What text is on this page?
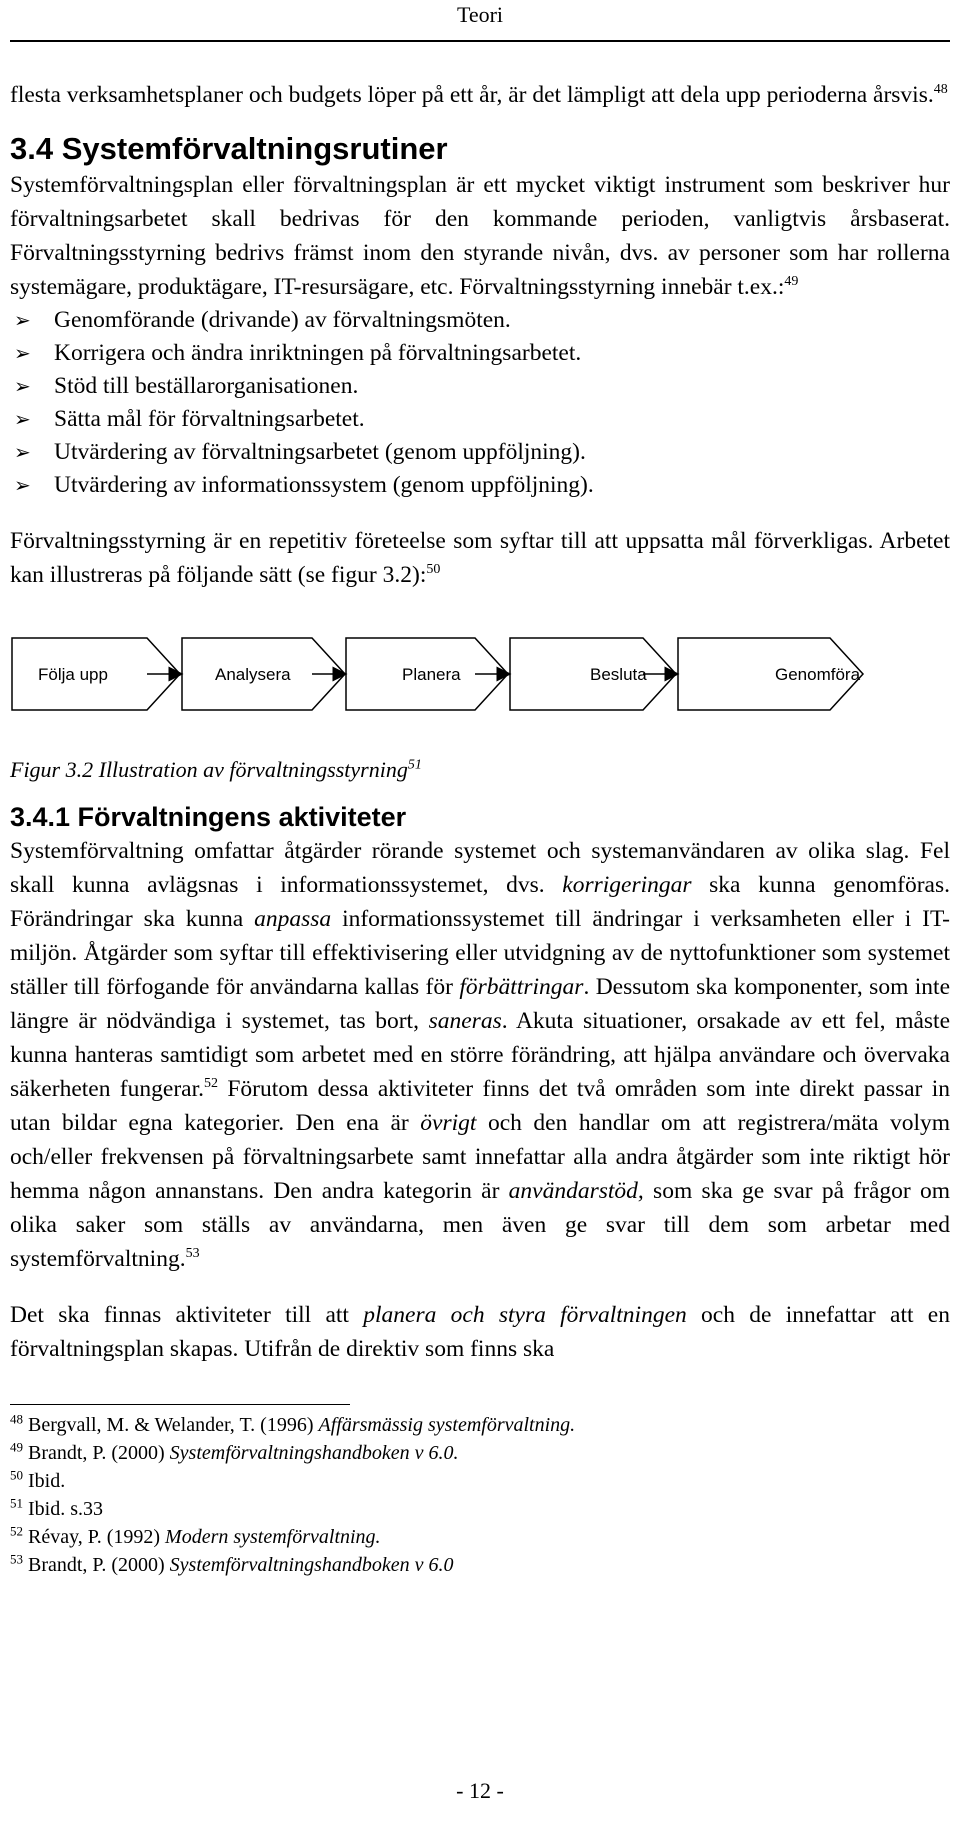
Teori

flesta verksamhetsplaner och budgets löper på ett år, är det lämpligt att dela upp perioderna årsvis.$^{48}$

3.4 Systemförvaltningsrutiner

Systemförvaltningsplan eller förvaltningsplan är ett mycket viktigt instrument som beskriver hur förvaltningsarbetet skall bedrivas för den kommande perioden, vanligtvis årsbaserat. Förvaltningsstyrning bedrivs främst inom den styrande nivån, dvs. av personer som har rollerna systemägare, produktägare, IT-resursägare, etc. Förvaltningsstyrning innebär t.ex.:$^{49}$

➢ Genomförande (drivande) av förvaltningsmöten.
➢ Korrigera och ändra inriktningen på förvaltningsarbetet.
➢ Stöd till beställarorganisationen.
➢ Sätta mål för förvaltningsarbetet.
➢ Utvärdering av förvaltningsarbetet (genom uppföljning).
➢ Utvärdering av informationssystem (genom uppföljning).

Förvaltningsstyrning är en repetitiv företeelse som syftar till att uppsatta mål förverkligas. Arbetet kan illustreras på följande sätt (se figur 3.2):$^{50}$

Följa upp	Analysera	Planera	Besluta	Genomföra

Figur 3.2 Illustration av förvaltningsstyrning$^{51}$

3.4.1 Förvaltningens aktiviteter

Systemförvaltning omfattar åtgärder rörande systemet och systemanvändaren av olika slag. Fel skall kunna avlägsnas i informationssystemet, dvs. korrigeringar ska kunna genomföras. Förändringar ska kunna anpassa informationssystemet till ändringar i verksamheten eller i IT-miljön. Åtgärder som syftar till effektivisering eller utvidgning av de nyttofunktioner som systemet ställer till förfogande för användarna kallas för förbättringar. Dessutom ska komponenter, som inte längre är nödvändiga i systemet, tas bort, saneras. Akuta situationer, orsakade av ett fel, måste kunna hanteras samtidigt som arbetet med en större förändring, att hjälpa användare och övervaka säkerheten fungerar.$^{52}$ Förutom dessa aktiviteter finns det två områden som inte direkt passar in utan bildar egna kategorier. Den ena är övrigt och den handlar om att registrera/mäta volym och/eller frekvensen på förvaltningsarbete samt innefattar alla andra åtgärder som inte riktigt hör hemma någon annanstans. Den andra kategorin är användarstöd, som ska ge svar på frågor om olika saker som ställs av användarna, men även ge svar till dem som arbetar med systemförvaltning.$^{53}$

Det ska finnas aktiviteter till att planera och styra förvaltningen och de innefattar att en förvaltningsplan skapas. Utifrån de direktiv som finns ska

$^{48}$ Bergvall, M. & Welander, T. (1996) Affärsmässig systemförvaltning.
$^{49}$ Brandt, P. (2000) Systemförvaltningshandboken v 6.0.
$^{50}$ Ibid.
$^{51}$ Ibid. s.33
$^{52}$ Révay, P. (1992) Modern systemförvaltning.
$^{53}$ Brandt, P. (2000) Systemförvaltningshandboken v 6.0
- 12 -
